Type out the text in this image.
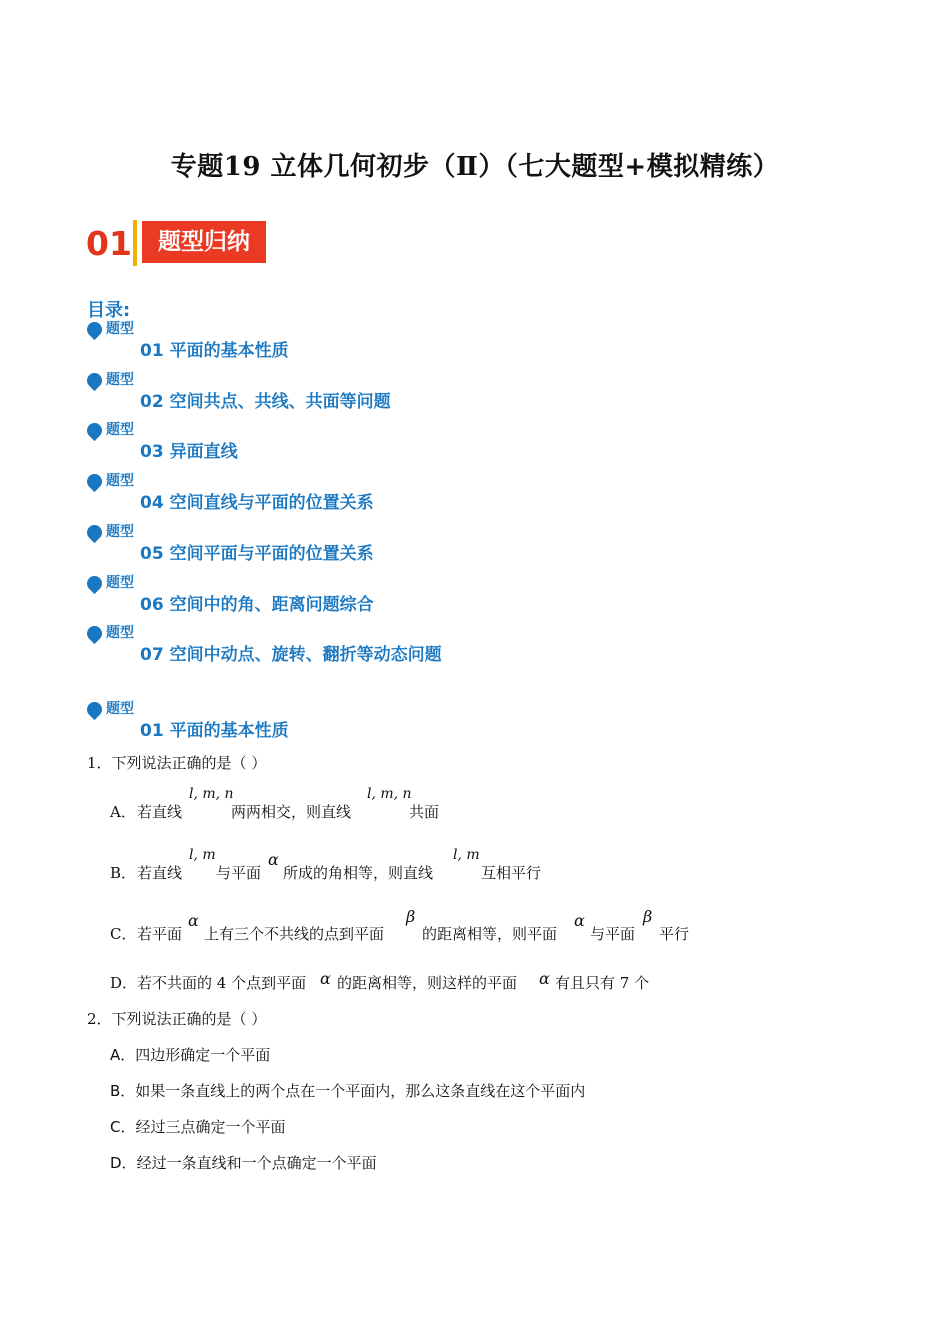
专题19 立体几何初步（Ⅱ）（七大题型+模拟精练）
01	题型归纳
目录:
题型
01 平面的基本性质
题型
02 空间共点、共线、共面等问题
题型
03 异面直线
题型
04 空间直线与平面的位置关系
题型
05 空间平面与平面的位置关系
题型
06 空间中的角、距离问题综合
题型
07 空间中动点、旋转、翻折等动态问题
题型
01 平面的基本性质
1．下列说法正确的是（ ）
A． 若直线
l, m, n
两两相交，则直线
l, m, n
共面
B． 若直线
l, m
与平面
α
所成的角相等，则直线
l, m
互相平行
C． 若平面
α
上有三个不共线的点到平面
β
的距离相等，则平面
α
与平面
β
平行
D． 若不共面的 4 个点到平面 α 的距离相等，则这样的平面 α 有且只有 7 个
2．下列说法正确的是（ ）
A．四边形确定一个平面
B．如果一条直线上的两个点在一个平面内，那么这条直线在这个平面内
C．经过三点确定一个平面
D．经过一条直线和一个点确定一个平面
